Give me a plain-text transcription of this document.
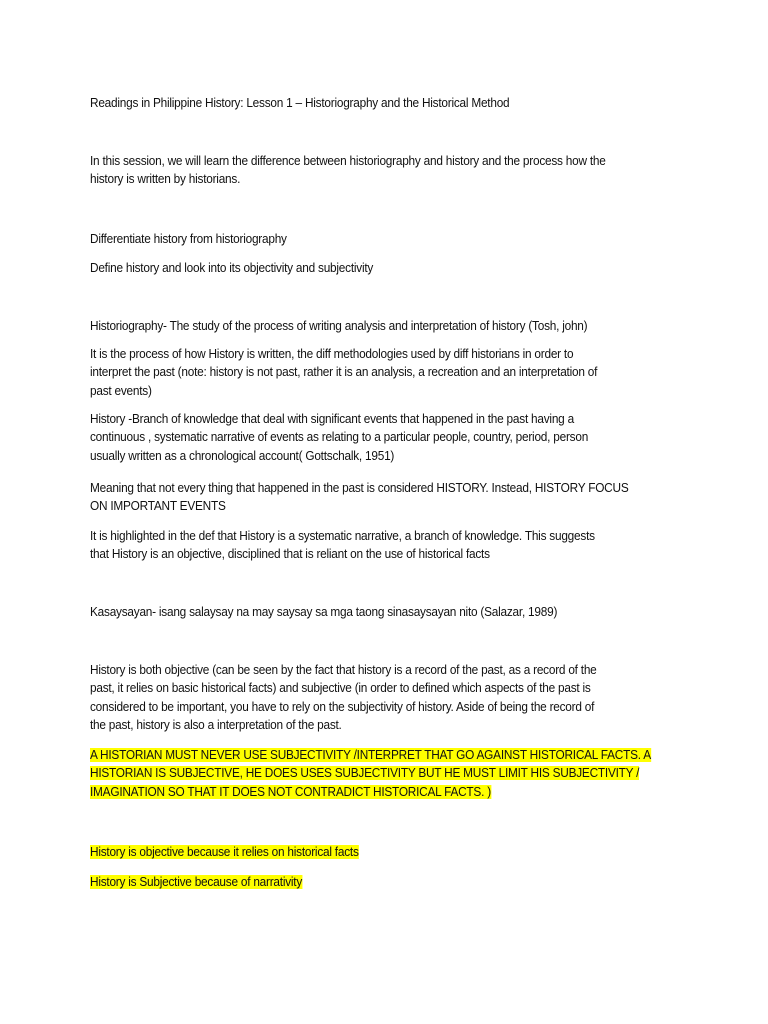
Readings in Philippine History: Lesson 1 – Historiography and the Historical Method
In this session, we will learn the difference between historiography and history and the process how the
history is written by historians.
Differentiate history from historiography
Define history and look into its objectivity and subjectivity
Historiography- The study of the process of writing analysis and interpretation of history (Tosh, john)
It is the process of how History is written, the diff methodologies used by diff historians in order to
interpret the past (note: history is not past, rather it is an analysis, a recreation and an interpretation of
past events)
History -Branch of knowledge that deal with significant events that happened in the past having a
continuous , systematic narrative of events as relating to a particular people, country, period, person
usually written as a chronological account( Gottschalk, 1951)
Meaning that not every thing that happened in the past is considered HISTORY. Instead, HISTORY FOCUS
ON IMPORTANT EVENTS
It is highlighted in the def that History is a systematic narrative, a branch of knowledge. This suggests
that History is an objective, disciplined that is reliant on the use of historical facts
Kasaysayan- isang salaysay na may saysay sa mga taong sinasaysayan nito (Salazar, 1989)
History is both objective (can be seen by the fact that history is a record of the past, as a record of the
past, it relies on basic historical facts) and subjective (in order to defined which aspects of the past is
considered to be important, you have to rely on the subjectivity of history. Aside of being the record of
the past, history is also a interpretation of the past.
A HISTORIAN MUST NEVER USE SUBJECTIVITY /INTERPRET THAT GO AGAINST HISTORICAL FACTS. A
HISTORIAN IS SUBJECTIVE, HE DOES USES SUBJECTIVITY BUT HE MUST LIMIT HIS SUBJECTIVITY /
IMAGINATION SO THAT IT DOES NOT CONTRADICT HISTORICAL FACTS. )
History is objective because it relies on historical facts
History is Subjective because of narrativity
